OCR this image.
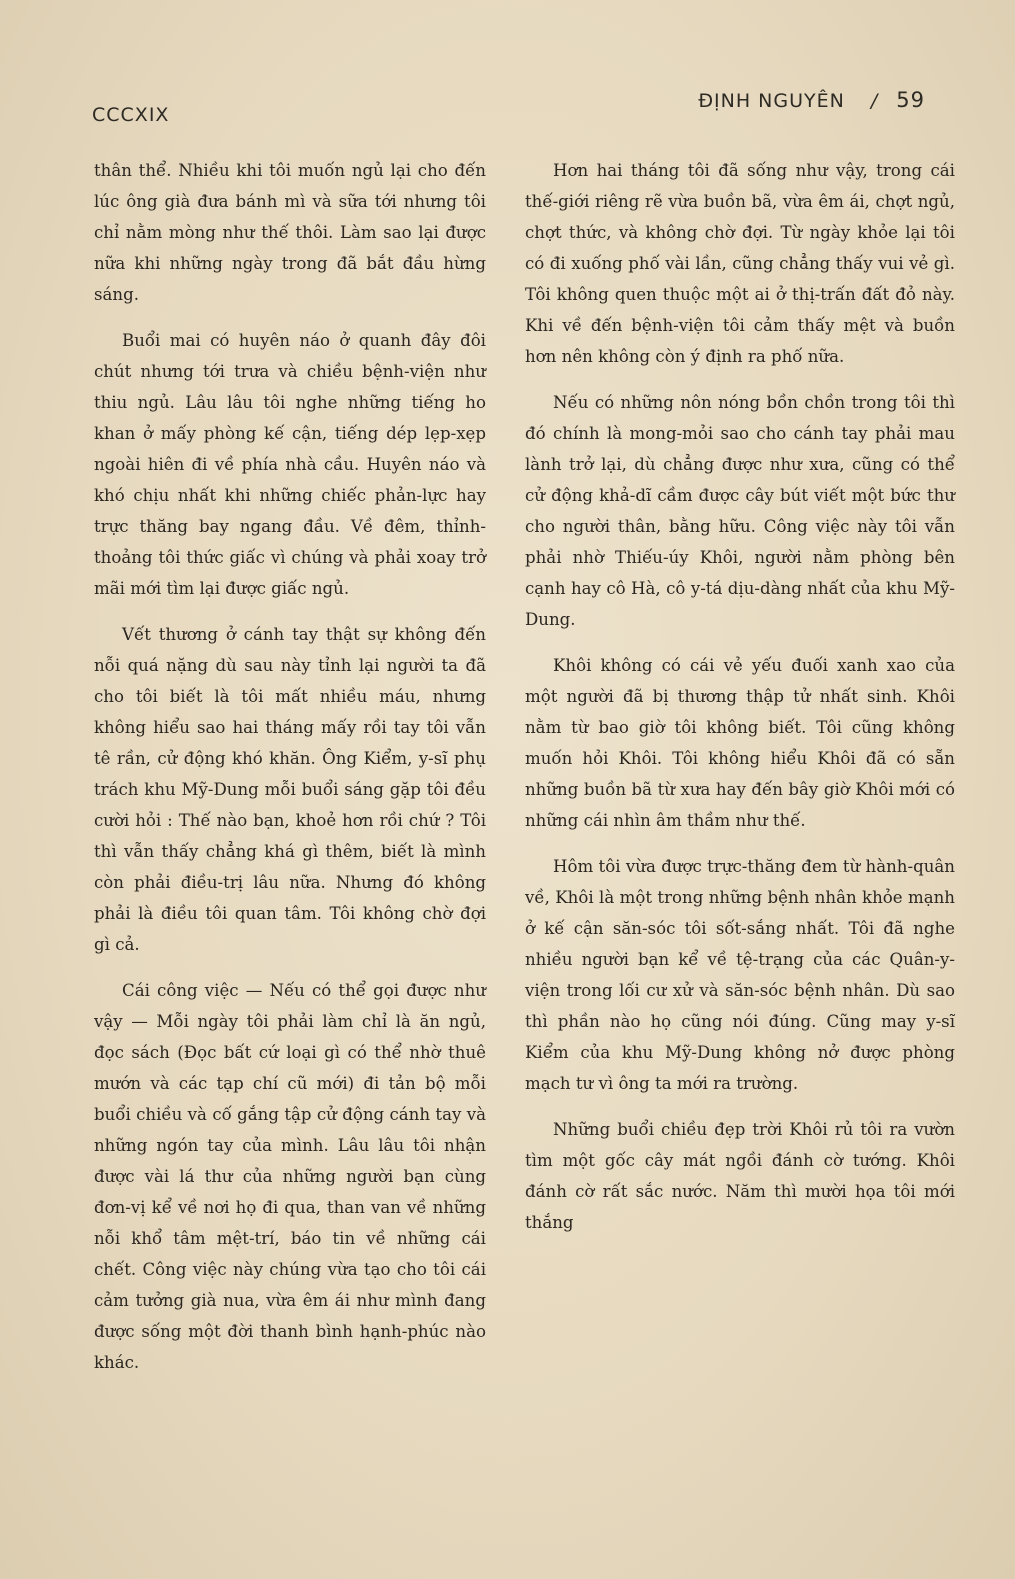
CCCXIX
ĐỊNH NGUYÊN / 59

thân thể. Nhiều khi tôi muốn ngủ lại cho đến lúc ông già đưa bánh mì và sữa tới nhưng tôi chỉ nằm mòng như thế thôi. Làm sao lại được nữa khi những ngày trong đã bắt đầu hừng sáng.

Buổi mai có huyên náo ở quanh đây đôi chút nhưng tới trưa và chiều bệnh-viện như thiu ngủ. Lâu lâu tôi nghe những tiếng ho khan ở mấy phòng kế cận, tiếng dép lẹp-xẹp ngoài hiên đi về phía nhà cầu. Huyên náo và khó chịu nhất khi những chiếc phản-lực hay trực thăng bay ngang đầu. Về đêm, thỉnh-thoảng tôi thức giấc vì chúng và phải xoay trở mãi mới tìm lại được giấc ngủ.

Vết thương ở cánh tay thật sự không đến nỗi quá nặng dù sau này tỉnh lại người ta đã cho tôi biết là tôi mất nhiều máu, nhưng không hiểu sao hai tháng mấy rồi tay tôi vẫn tê rần, cử động khó khăn. Ông Kiểm, y-sĩ phụ trách khu Mỹ-Dung mỗi buổi sáng gặp tôi đều cười hỏi : Thế nào bạn, khoẻ hơn rồi chứ ? Tôi thì vẫn thấy chẳng khá gì thêm, biết là mình còn phải điều-trị lâu nữa. Nhưng đó không phải là điều tôi quan tâm. Tôi không chờ đợi gì cả.

Cái công việc — Nếu có thể gọi được như vậy — Mỗi ngày tôi phải làm chỉ là ăn ngủ, đọc sách (Đọc bất cứ loại gì có thể nhờ thuê mướn và các tạp chí cũ mới) đi tản bộ mỗi buổi chiều và cố gắng tập cử động cánh tay và những ngón tay của mình. Lâu lâu tôi nhận được vài lá thư của những người bạn cùng đơn-vị kể về nơi họ đi qua, than van về những nỗi khổ tâm mệt-trí, báo tin về những cái chết. Công việc này chúng vừa tạo cho tôi cái cảm tưởng già nua, vừa êm ái như mình đang được sống một đời thanh bình hạnh-phúc nào khác.

Hơn hai tháng tôi đã sống như vậy, trong cái thế-giới riêng rẽ vừa buồn bã, vừa êm ái, chợt ngủ, chợt thức, và không chờ đợi. Từ ngày khỏe lại tôi có đi xuống phố vài lần, cũng chẳng thấy vui vẻ gì. Tôi không quen thuộc một ai ở thị-trấn đất đỏ này. Khi về đến bệnh-viện tôi cảm thấy mệt và buồn hơn nên không còn ý định ra phố nữa.

Nếu có những nôn nóng bồn chồn trong tôi thì đó chính là mong-mỏi sao cho cánh tay phải mau lành trở lại, dù chẳng được như xưa, cũng có thể cử động khả-dĩ cầm được cây bút viết một bức thư cho người thân, bằng hữu. Công việc này tôi vẫn phải nhờ Thiếu-úy Khôi, người nằm phòng bên cạnh hay cô Hà, cô y-tá dịu-dàng nhất của khu Mỹ-Dung.

Khôi không có cái vẻ yếu đuối xanh xao của một người đã bị thương thập tử nhất sinh. Khôi nằm từ bao giờ tôi không biết. Tôi cũng không muốn hỏi Khôi. Tôi không hiểu Khôi đã có sẵn những buồn bã từ xưa hay đến bây giờ Khôi mới có những cái nhìn âm thầm như thế.

Hôm tôi vừa được trực-thăng đem từ hành-quân về, Khôi là một trong những bệnh nhân khỏe mạnh ở kế cận săn-sóc tôi sốt-sắng nhất. Tôi đã nghe nhiều người bạn kể về tệ-trạng của các Quân-y-viện trong lối cư xử và săn-sóc bệnh nhân. Dù sao thì phần nào họ cũng nói đúng. Cũng may y-sĩ Kiểm của khu Mỹ-Dung không nở được phòng mạch tư vì ông ta mới ra trường.

Những buổi chiều đẹp trời Khôi rủ tôi ra vườn tìm một gốc cây mát ngồi đánh cờ tướng. Khôi đánh cờ rất sắc nước. Năm thì mười họa tôi mới thắng
